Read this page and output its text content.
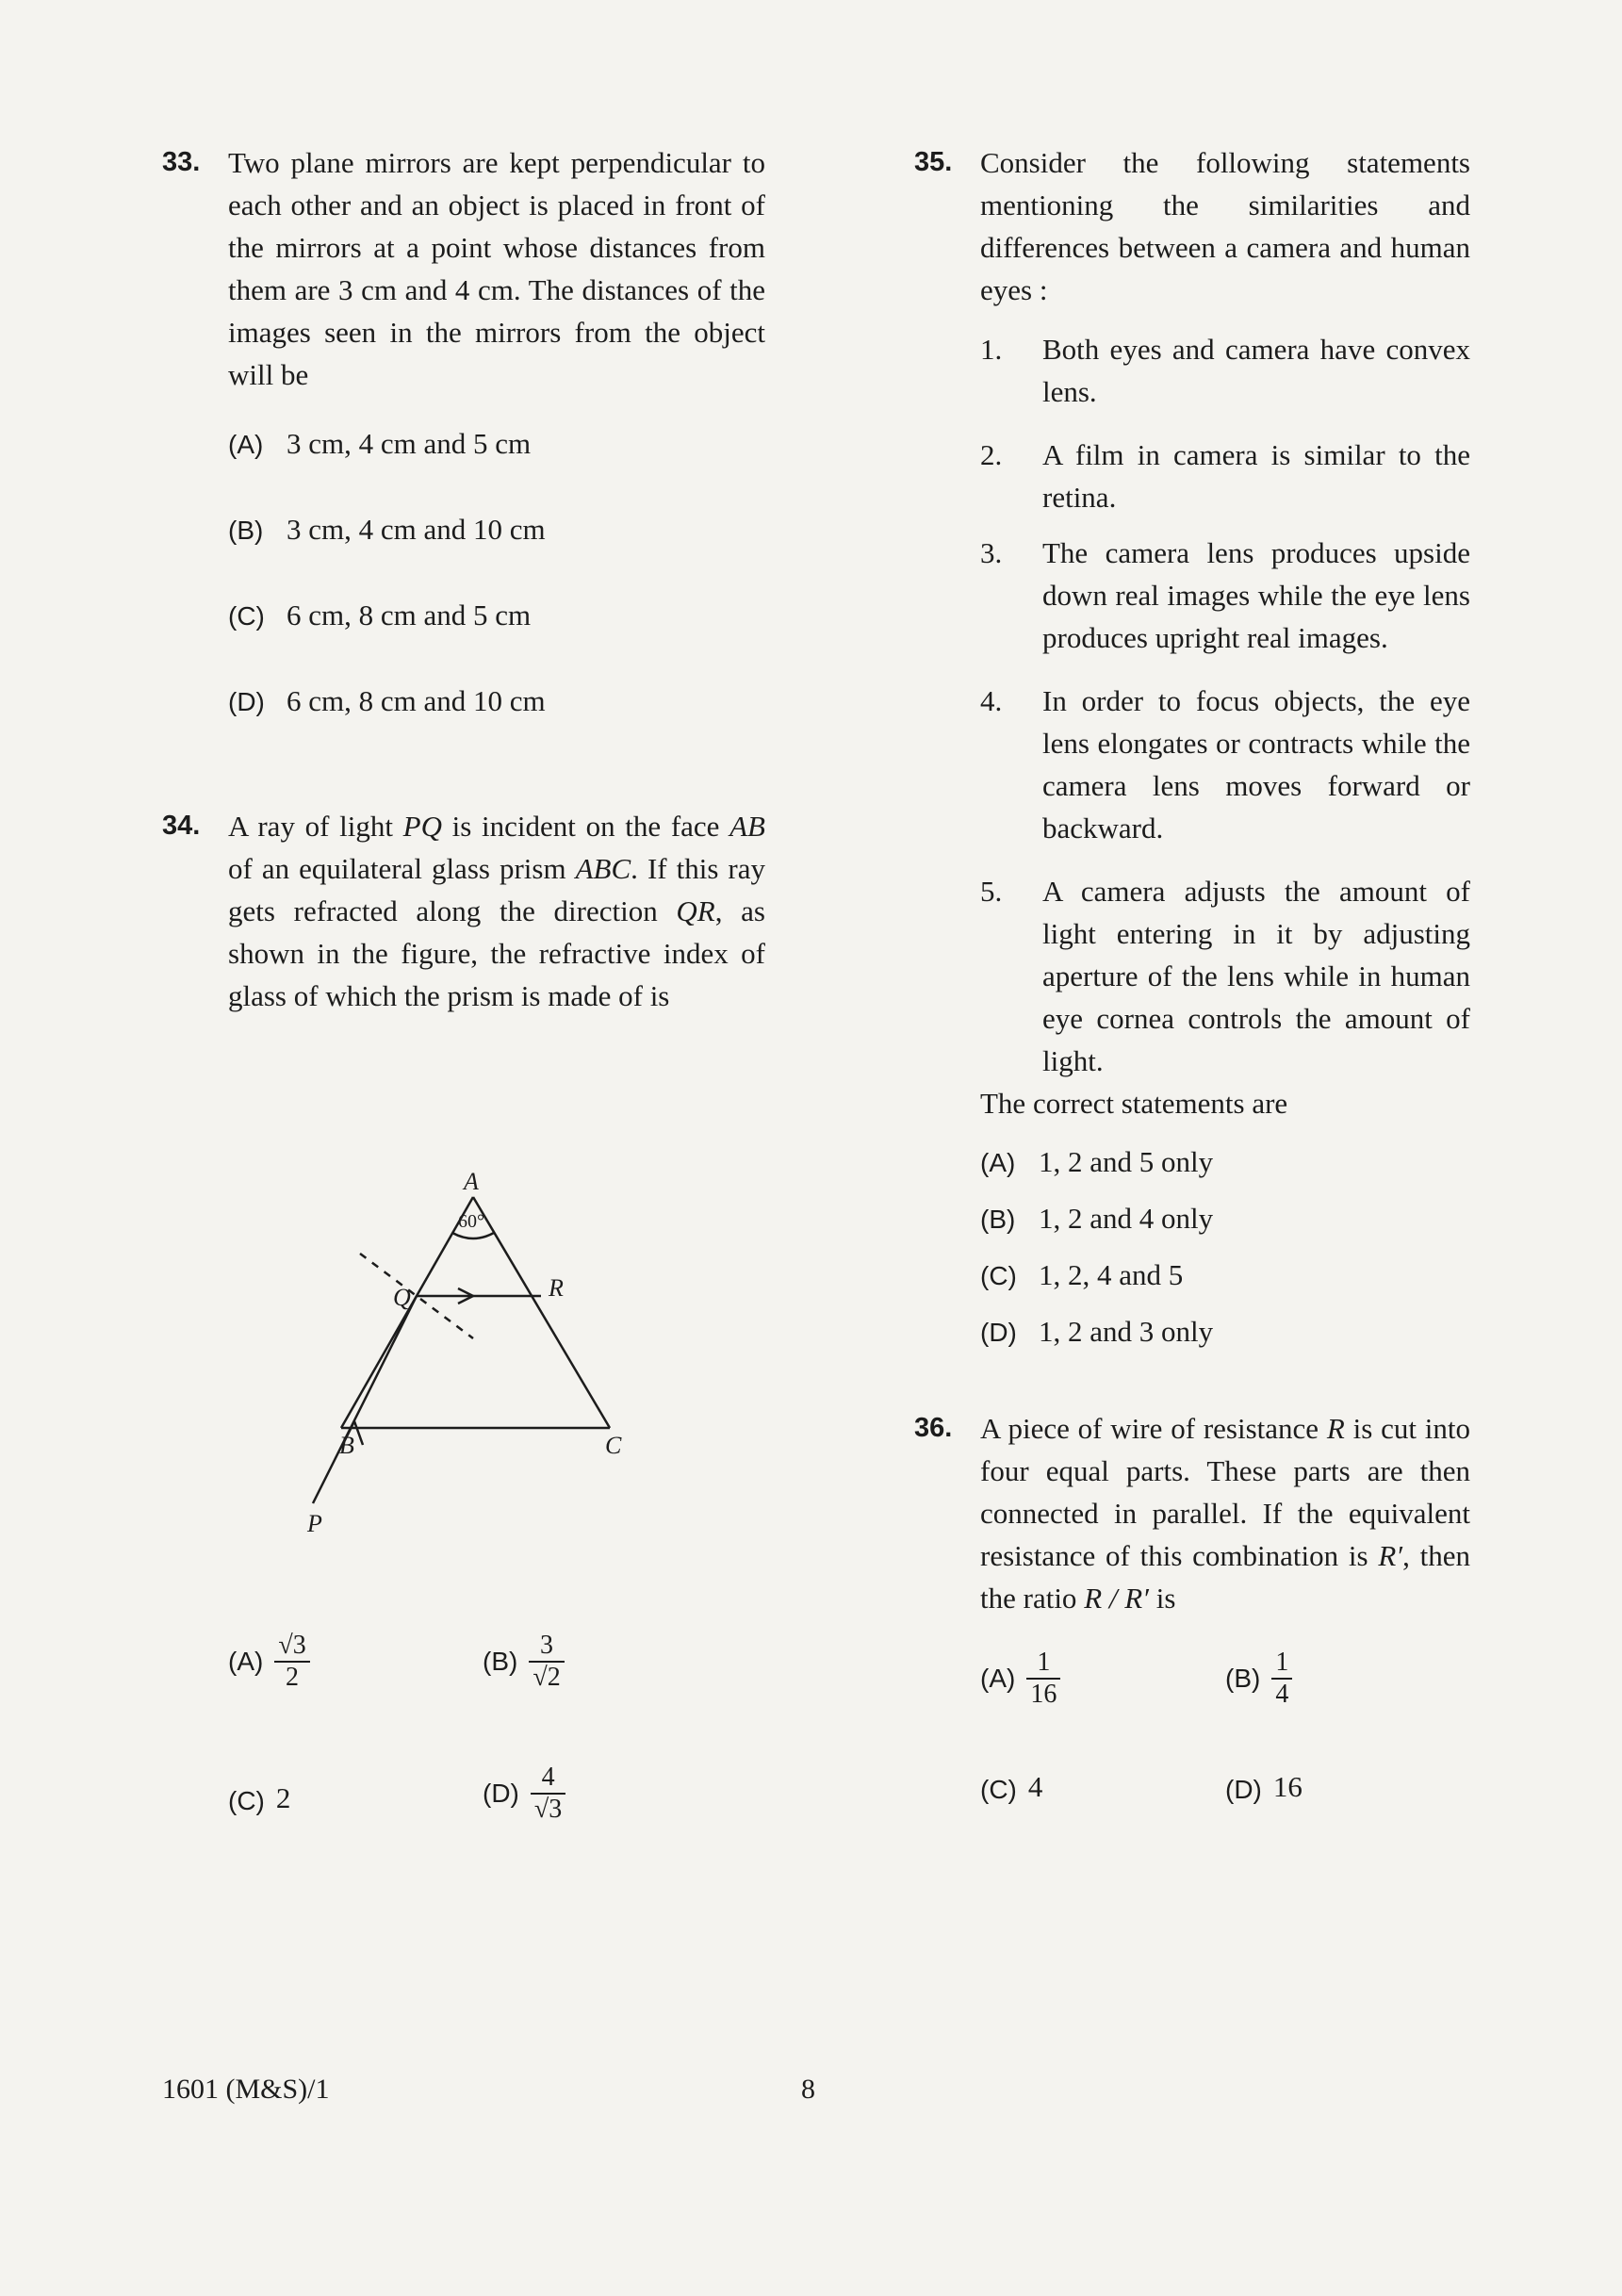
33. Two plane mirrors are kept perpendicular to each other and an object is placed in front of the mirrors at a point whose distances from them are 3 cm and 4 cm. The distances of the images seen in the mirrors from the object will be
(A) 3 cm, 4 cm and 5 cm
(B) 3 cm, 4 cm and 10 cm
(C) 6 cm, 8 cm and 5 cm
(D) 6 cm, 8 cm and 10 cm
34. A ray of light PQ is incident on the face AB of an equilateral glass prism ABC. If this ray gets refracted along the direction QR, as shown in the figure, the refractive index of glass of which the prism is made of is
A
60°
Q	R
B	C
P
$(A) \frac{√3}{2}$	$(B) \frac{3}{√2}$
(C) 2	$(D) \frac{4}{√3}$
35. Consider the following statements mentioning the similarities and differences between a camera and human eyes :
1. Both eyes and camera have convex lens.
2. A film in camera is similar to the retina.
3. The camera lens produces upside down real images while the eye lens produces upright real images.
4. In order to focus objects, the eye lens elongates or contracts while the camera lens moves forward or backward.
5. A camera adjusts the amount of light entering in it by adjusting aperture of the lens while in human eye cornea controls the amount of light.
The correct statements are
(A) 1, 2 and 5 only
(B) 1, 2 and 4 only
(C) 1, 2, 4 and 5
(D) 1, 2 and 3 only
36. A piece of wire of resistance R is cut into four equal parts. These parts are then connected in parallel. If the equivalent resistance of this combination is R′, then the ratio R / R′ is
$(A) \frac{1}{16}$	$(B) \frac{1}{4}$
(C) 4	(D) 16
1601 (M&S)/1	8
